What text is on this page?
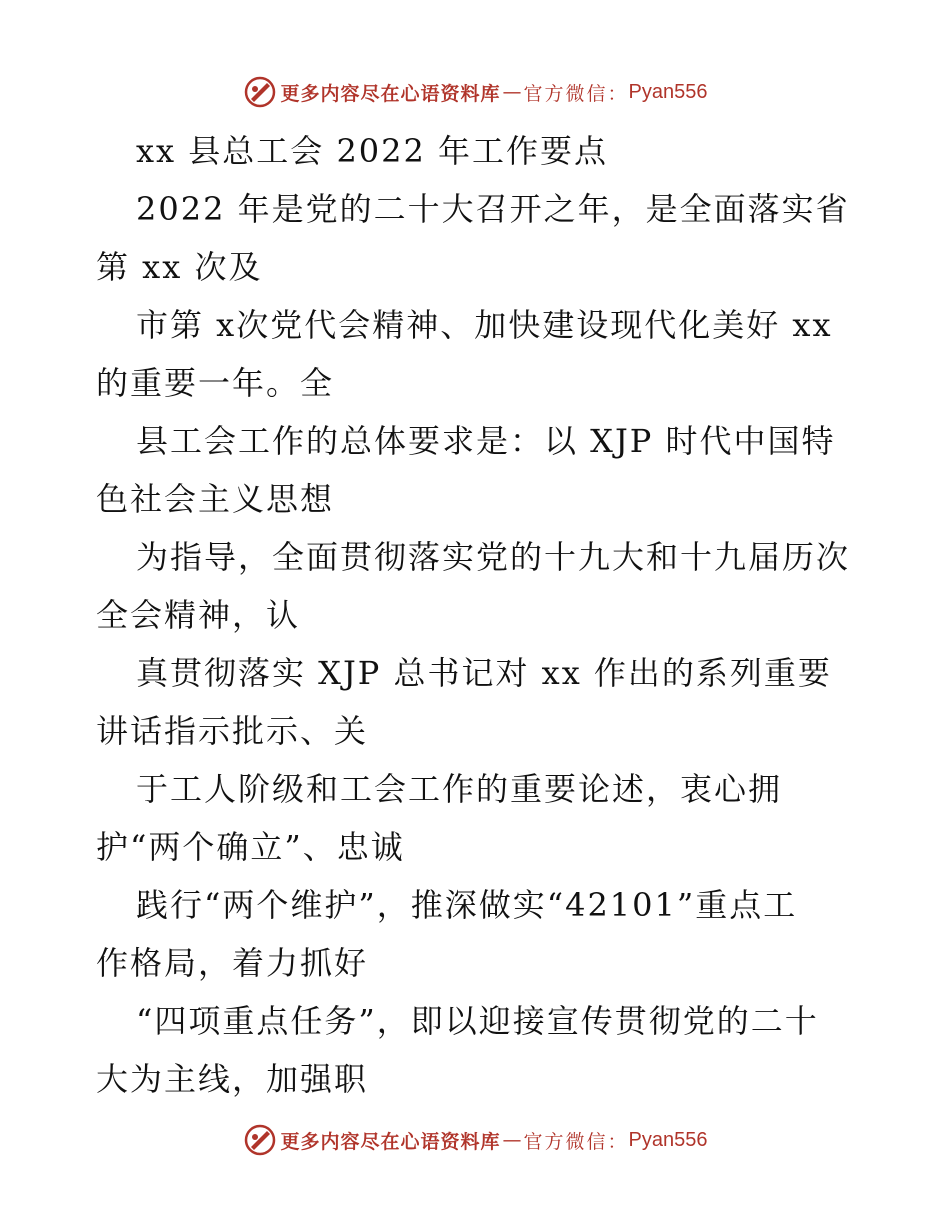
更多内容尽在心语资料库 — 官方微信： Pyan556
xx 县总工会 2022 年工作要点
2022 年是党的二十大召开之年，是全面落实省
第 xx 次及
市第 x次党代会精神、加快建设现代化美好 xx
的重要一年。全
县工会工作的总体要求是：以 XJP 时代中国特
色社会主义思想
为指导，全面贯彻落实党的十九大和十九届历次
全会精神，认
真贯彻落实 XJP 总书记对 xx 作出的系列重要
讲话指示批示、关
于工人阶级和工会工作的重要论述，衷心拥
护“两个确立”、忠诚
践行“两个维护”，推深做实“42101”重点工
作格局，着力抓好
“四项重点任务”，即以迎接宣传贯彻党的二十
大为主线，加强职
更多内容尽在心语资料库 — 官方微信： Pyan556
